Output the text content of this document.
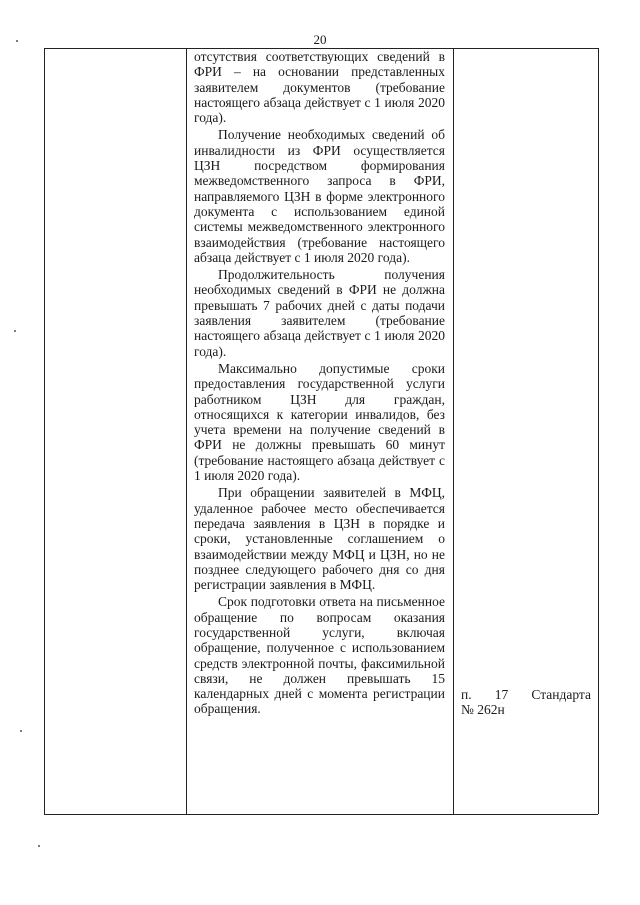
20

отсутствия соответствующих сведений в ФРИ – на основании представленных заявителем документов (требование настоящего абзаца действует с 1 июля 2020 года).

Получение необходимых сведений об инвалидности из ФРИ осуществляется ЦЗН посредством формирования межведомственного запроса в ФРИ, направляемого ЦЗН в форме электронного документа с использованием единой системы межведомственного электронного взаимодействия (требование настоящего абзаца действует с 1 июля 2020 года).

Продолжительность получения необходимых сведений в ФРИ не должна превышать 7 рабочих дней с даты подачи заявления заявителем (требование настоящего абзаца действует с 1 июля 2020 года).

Максимально допустимые сроки предоставления государственной услуги работником ЦЗН для граждан, относящихся к категории инвалидов, без учета времени на получение сведений в ФРИ не должны превышать 60 минут (требование настоящего абзаца действует с 1 июля 2020 года).

При обращении заявителей в МФЦ, удаленное рабочее место обеспечивается передача заявления в ЦЗН в порядке и сроки, установленные соглашением о взаимодействии между МФЦ и ЦЗН, но не позднее следующего рабочего дня со дня регистрации заявления в МФЦ.

Срок подготовки ответа на письменное обращение по вопросам оказания государственной услуги, включая обращение, полученное с использованием средств электронной почты, факсимильной связи, не должен превышать 15 календарных дней с момента регистрации обращения.

п. 17 Стандарта
№ 262н
